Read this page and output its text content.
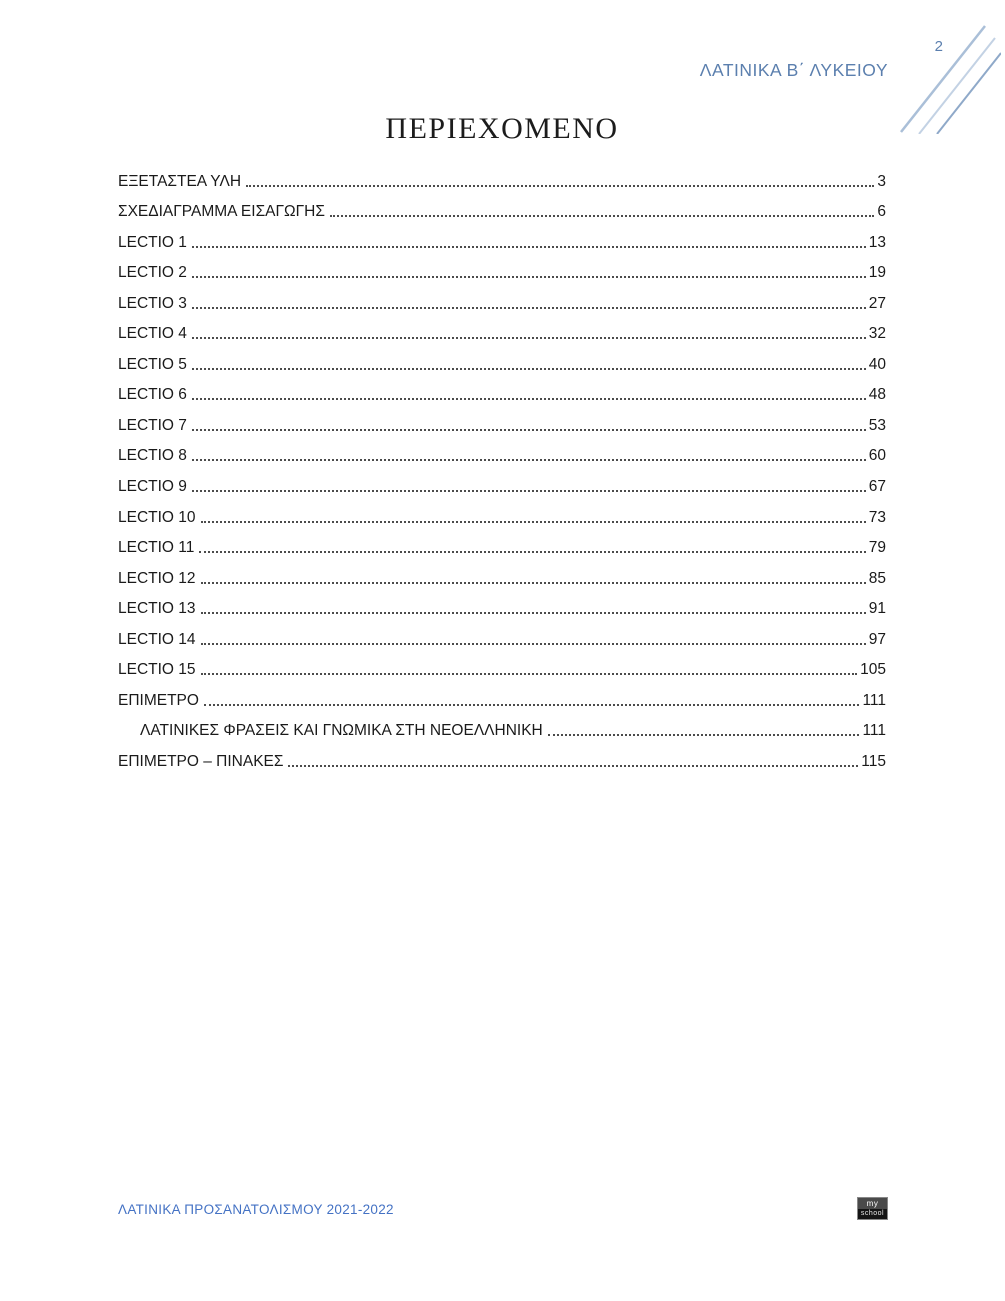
2
ΛΑΤΙΝΙΚΑ Β΄ ΛΥΚΕΙΟΥ
ΠΕΡΙΕΧΟΜΕΝΟ
ΕΞΕΤΑΣΤΕΑ ΥΛΗ	3
ΣΧΕΔΙΑΓΡΑΜΜΑ ΕΙΣΑΓΩΓΗΣ	6
LECTIO 1	13
LECTIO 2	19
LECTIO 3	27
LECTIO 4	32
LECTIO 5	40
LECTIO 6	48
LECTIO 7	53
LECTIO 8	60
LECTIO 9	67
LECTIO 10	73
LECTIO 11	79
LECTIO 12	85
LECTIO 13	91
LECTIO 14	97
LECTIO 15	105
ΕΠΙΜΕΤΡΟ	111
ΛΑΤΙΝΙΚΕΣ ΦΡΑΣΕΙΣ ΚΑΙ ΓΝΩΜΙΚΑ ΣΤΗ ΝΕΟΕΛΛΗΝΙΚΗ	111
ΕΠΙΜΕΤΡΟ – ΠΙΝΑΚΕΣ	115
ΛΑΤΙΝΙΚΑ ΠΡΟΣΑΝΑΤΟΛΙΣΜΟΥ 2021-2022	my
school
